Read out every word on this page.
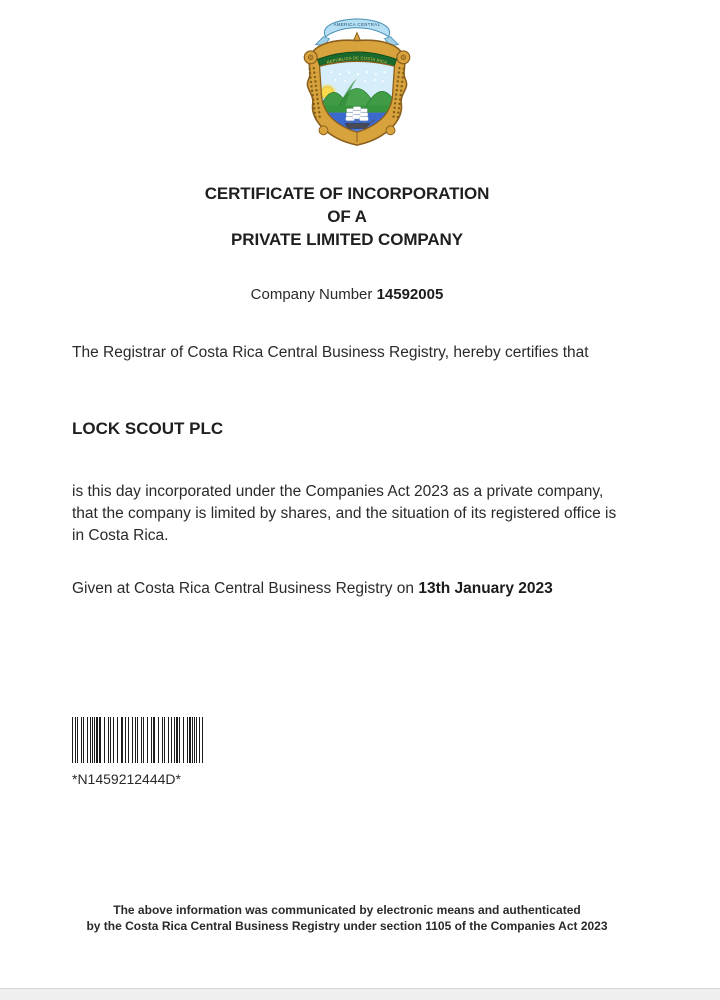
AMERICA CENTRAL
REPUBLICA DE COSTA RICA
CERTIFICATE OF INCORPORATION
OF A
PRIVATE LIMITED COMPANY
Company Number 14592005
The Registrar of Costa Rica Central Business Registry, hereby certifies that
LOCK SCOUT PLC
is this day incorporated under the Companies Act 2023 as a private company, that the company is limited by shares, and the situation of its registered office is in Costa Rica.
Given at Costa Rica Central Business Registry on 13th January 2023
*N1459212444D*
The above information was communicated by electronic means and authenticated
by the Costa Rica Central Business Registry under section 1105 of the Companies Act 2023
